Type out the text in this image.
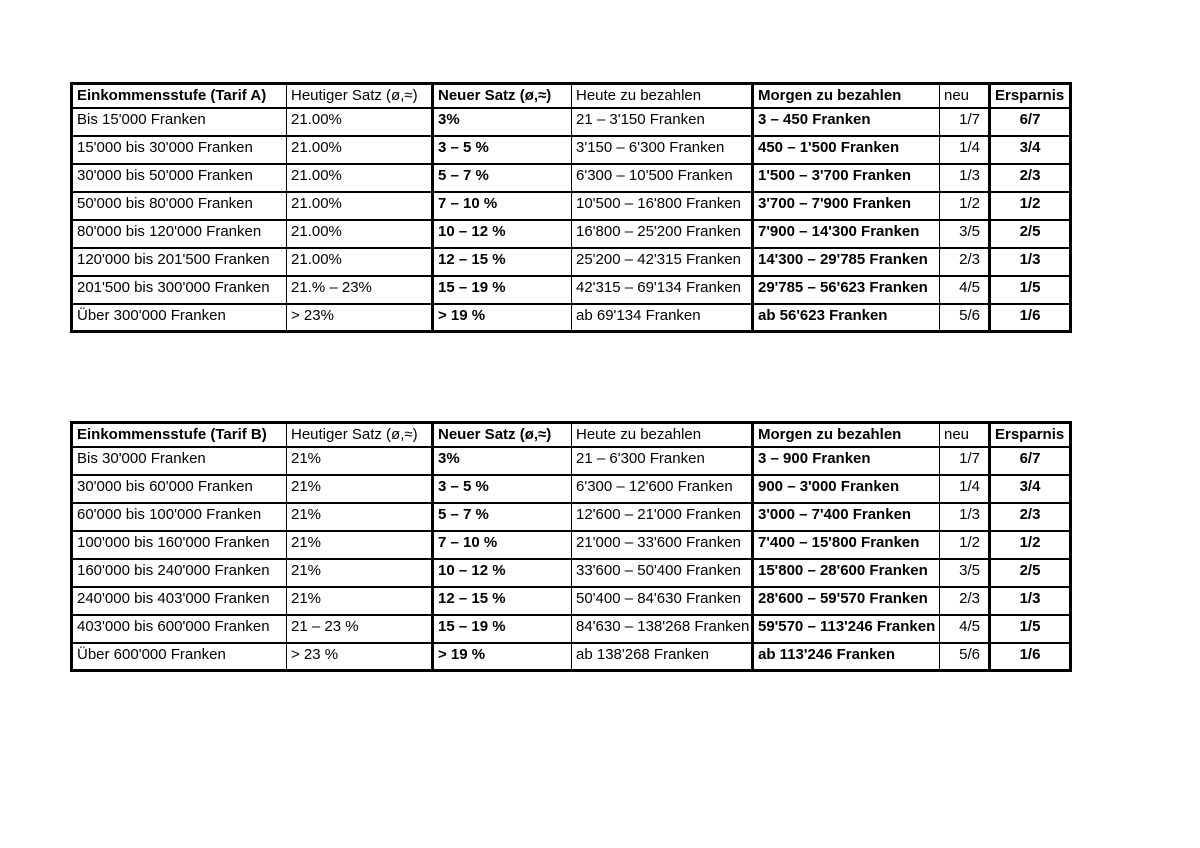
Einkommensstufe (Tarif A)	Heutiger Satz (ø,≈)	Neuer Satz (ø,≈)	Heute zu bezahlen	Morgen zu bezahlen	neu	Ersparnis
Bis 15'000 Franken	21.00%	3%	21 – 3'150 Franken	3 – 450 Franken	1/7	6/7
15'000 bis 30'000 Franken	21.00%	3 – 5 %	3'150 – 6'300 Franken	450 – 1'500 Franken	1/4	3/4
30'000 bis 50'000 Franken	21.00%	5 – 7 %	6'300 – 10'500 Franken	1'500 – 3'700 Franken	1/3	2/3
50'000 bis 80'000 Franken	21.00%	7 – 10 %	10'500 – 16'800 Franken	3'700 – 7'900 Franken	1/2	1/2
80'000 bis 120'000 Franken	21.00%	10 – 12 %	16'800 – 25'200 Franken	7'900 – 14'300 Franken	3/5	2/5
120'000 bis 201'500 Franken	21.00%	12 – 15 %	25'200 – 42'315 Franken	14'300 – 29'785 Franken	2/3	1/3
201'500 bis 300'000 Franken	21.% – 23%	15 – 19 %	42'315 – 69'134 Franken	29'785 – 56'623 Franken	4/5	1/5
Über 300'000 Franken	> 23%	> 19 %	ab 69'134 Franken	ab 56'623 Franken	5/6	1/6
Einkommensstufe (Tarif B)	Heutiger Satz (ø,≈)	Neuer Satz (ø,≈)	Heute zu bezahlen	Morgen zu bezahlen	neu	Ersparnis
Bis 30'000 Franken	21%	3%	21 – 6'300 Franken	3 – 900 Franken	1/7	6/7
30'000 bis 60'000 Franken	21%	3 – 5 %	6'300 – 12'600 Franken	900 – 3'000 Franken	1/4	3/4
60'000 bis 100'000 Franken	21%	5 – 7 %	12'600 – 21'000 Franken	3'000 – 7'400 Franken	1/3	2/3
100'000 bis 160'000 Franken	21%	7 – 10 %	21'000 – 33'600 Franken	7'400 – 15'800 Franken	1/2	1/2
160'000 bis 240'000 Franken	21%	10 – 12 %	33'600 – 50'400 Franken	15'800 – 28'600 Franken	3/5	2/5
240'000 bis 403'000 Franken	21%	12 – 15 %	50'400 – 84'630 Franken	28'600 – 59'570 Franken	2/3	1/3
403'000 bis 600'000 Franken	21 – 23 %	15 – 19 %	84'630 – 138'268 Franken	59'570 – 113'246 Franken	4/5	1/5
Über 600'000 Franken	> 23 %	> 19 %	ab 138'268 Franken	ab 113'246 Franken	5/6	1/6
